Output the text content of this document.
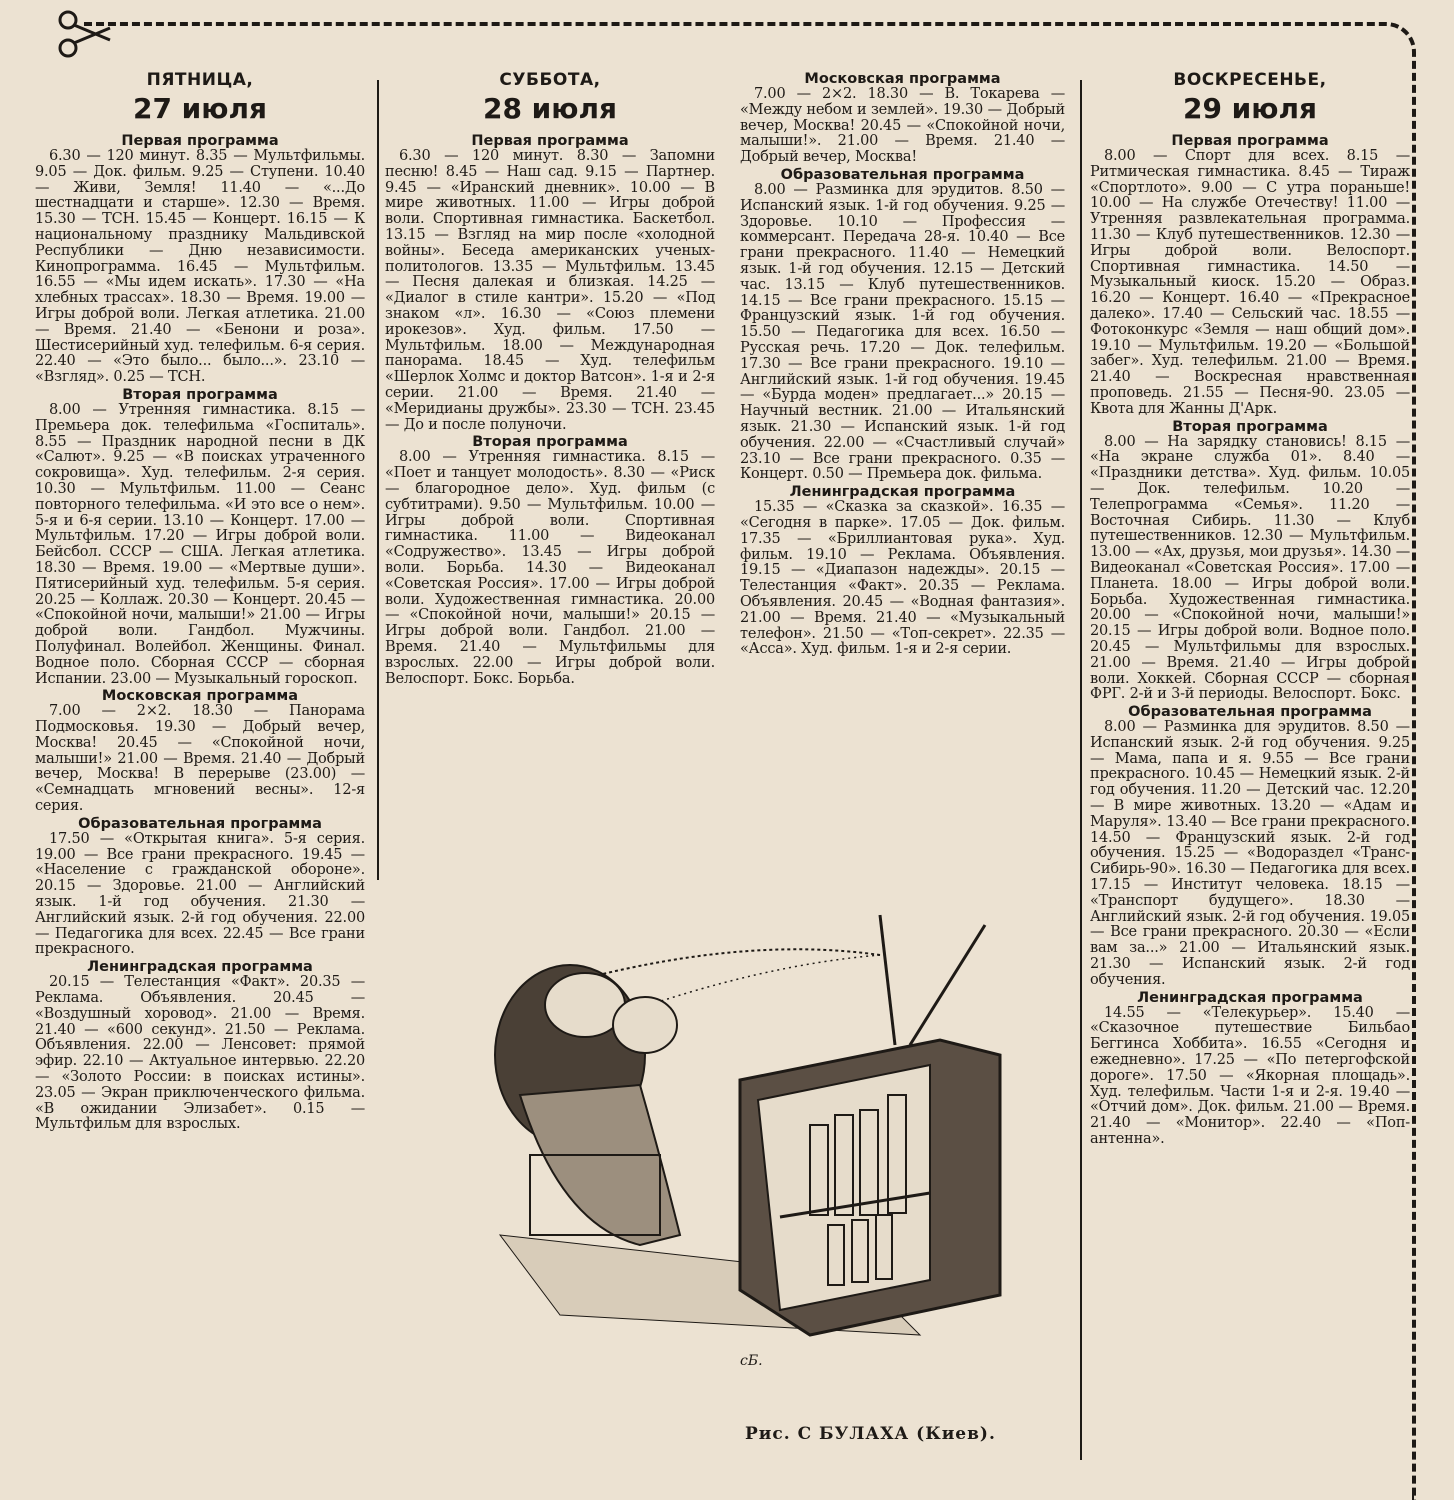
ПЯТНИЦА,
27 июля
Первая программа

6.30 — 120 минут. 8.35 — Мультфильмы. 9.05 — Док. фильм. 9.25 — Ступени. 10.40 — Живи, Земля! 11.40 — «...До шестнадцати и старше». 12.30 — Время. 15.30 — ТСН. 15.45 — Концерт. 16.15 — К национальному празднику Мальдивской Республики — Дню независимости. Кинопрограмма. 16.45 — Мультфильм. 16.55 — «Мы идем искать». 17.30 — «На хлебных трассах». 18.30 — Время. 19.00 — Игры доброй воли. Легкая атлетика. 21.00 — Время. 21.40 — «Бенони и роза». Шестисерийный худ. телефильм. 6-я серия. 22.40 — «Это было... было...». 23.10 — «Взгляд». 0.25 — ТСН.

Вторая программа

8.00 — Утренняя гимнастика. 8.15 — Премьера док. телефильма «Госпиталь». 8.55 — Праздник народной песни в ДК «Салют». 9.25 — «В поисках утраченного сокровища». Худ. телефильм. 2-я серия. 10.30 — Мультфильм. 11.00 — Сеанс повторного телефильма. «И это все о нем». 5-я и 6-я серии. 13.10 — Концерт. 17.00 — Мультфильм. 17.20 — Игры доброй воли. Бейсбол. СССР — США. Легкая атлетика. 18.30 — Время. 19.00 — «Мертвые души». Пятисерийный худ. телефильм. 5-я серия. 20.25 — Коллаж. 20.30 — Концерт. 20.45 — «Спокойной ночи, малыши!» 21.00 — Игры доброй воли. Гандбол. Мужчины. Полуфинал. Волейбол. Женщины. Финал. Водное поло. Сборная СССР — сборная Испании. 23.00 — Музыкальный гороскоп.

Московская программа

7.00 — 2×2. 18.30 — Панорама Подмосковья. 19.30 — Добрый вечер, Москва! 20.45 — «Спокойной ночи, малыши!» 21.00 — Время. 21.40 — Добрый вечер, Москва! В перерыве (23.00) — «Семнадцать мгновений весны». 12-я серия.

Образовательная программа

17.50 — «Открытая книга». 5-я серия. 19.00 — Все грани прекрасного. 19.45 — «Население с гражданской обороне». 20.15 — Здоровье. 21.00 — Английский язык. 1-й год обучения. 21.30 — Английский язык. 2-й год обучения. 22.00 — Педагогика для всех. 22.45 — Все грани прекрасного.

Ленинградская программа

20.15 — Телестанция «Факт». 20.35 — Реклама. Объявления. 20.45 — «Воздушный хоровод». 21.00 — Время. 21.40 — «600 секунд». 21.50 — Реклама. Объявления. 22.00 — Ленсовет: прямой эфир. 22.10 — Актуальное интервью. 22.20 — «Золото России: в поисках истины». 23.05 — Экран приключенческого фильма. «В ожидании Элизабет». 0.15 — Мультфильм для взрослых.

СУББОТА,
28 июля
Первая программа

6.30 — 120 минут. 8.30 — Запомни песню! 8.45 — Наш сад. 9.15 — Партнер. 9.45 — «Иранский дневник». 10.00 — В мире животных. 11.00 — Игры доброй воли. Спортивная гимнастика. Баскетбол. 13.15 — Взгляд на мир после «холодной войны». Беседа американских ученых-политологов. 13.35 — Мультфильм. 13.45 — Песня далекая и близкая. 14.25 — «Диалог в стиле кантри». 15.20 — «Под знаком «л». 16.30 — «Союз племени ирокезов». Худ. фильм. 17.50 — Мультфильм. 18.00 — Международная панорама. 18.45 — Худ. телефильм «Шерлок Холмс и доктор Ватсон». 1-я и 2-я серии. 21.00 — Время. 21.40 — «Меридианы дружбы». 23.30 — ТСН. 23.45 — До и после полуночи.

Вторая программа

8.00 — Утренняя гимнастика. 8.15 — «Поет и танцует молодость». 8.30 — «Риск — благородное дело». Худ. фильм (с субтитрами). 9.50 — Мультфильм. 10.00 — Игры доброй воли. Спортивная гимнастика. 11.00 — Видеоканал «Содружество». 13.45 — Игры доброй воли. Борьба. 14.30 — Видеоканал «Советская Россия». 17.00 — Игры доброй воли. Художественная гимнастика. 20.00 — «Спокойной ночи, малыши!» 20.15 — Игры доброй воли. Гандбол. 21.00 — Время. 21.40 — Мультфильмы для взрослых. 22.00 — Игры доброй воли. Велоспорт. Бокс. Борьба.

Московская программа

7.00 — 2×2. 18.30 — В. Токарева — «Между небом и землей». 19.30 — Добрый вечер, Москва! 20.45 — «Спокойной ночи, малыши!». 21.00 — Время. 21.40 — Добрый вечер, Москва!

Образовательная программа

8.00 — Разминка для эрудитов. 8.50 — Испанский язык. 1-й год обучения. 9.25 — Здоровье. 10.10 — Профессия — коммерсант. Передача 28-я. 10.40 — Все грани прекрасного. 11.40 — Немецкий язык. 1-й год обучения. 12.15 — Детский час. 13.15 — Клуб путешественников. 14.15 — Все грани прекрасного. 15.15 — Французский язык. 1-й год обучения. 15.50 — Педагогика для всех. 16.50 — Русская речь. 17.20 — Док. телефильм. 17.30 — Все грани прекрасного. 19.10 — Английский язык. 1-й год обучения. 19.45 — «Бурда моден» предлагает...» 20.15 — Научный вестник. 21.00 — Итальянский язык. 21.30 — Испанский язык. 1-й год обучения. 22.00 — «Счастливый случай» 23.10 — Все грани прекрасного. 0.35 — Концерт. 0.50 — Премьера док. фильма.

Ленинградская программа

15.35 — «Сказка за сказкой». 16.35 — «Сегодня в парке». 17.05 — Док. фильм. 17.35 — «Бриллиантовая рука». Худ. фильм. 19.10 — Реклама. Объявления. 19.15 — «Диапазон надежды». 20.15 — Телестанция «Факт». 20.35 — Реклама. Объявления. 20.45 — «Водная фантазия». 21.00 — Время. 21.40 — «Музыкальный телефон». 21.50 — «Топ-секрет». 22.35 — «Асса». Худ. фильм. 1-я и 2-я серии.

ВОСКРЕСЕНЬЕ,
29 июля
Первая программа

8.00 — Спорт для всех. 8.15 — Ритмическая гимнастика. 8.45 — Тираж «Спортлото». 9.00 — С утра пораньше! 10.00 — На службе Отечеству! 11.00 — Утренняя развлекательная программа. 11.30 — Клуб путешественников. 12.30 — Игры доброй воли. Велоспорт. Спортивная гимнастика. 14.50 — Музыкальный киоск. 15.20 — Образ. 16.20 — Концерт. 16.40 — «Прекрасное далеко». 17.40 — Сельский час. 18.55 — Фотоконкурс «Земля — наш общий дом». 19.10 — Мультфильм. 19.20 — «Большой забег». Худ. телефильм. 21.00 — Время. 21.40 — Воскресная нравственная проповедь. 21.55 — Песня-90. 23.05 — Квота для Жанны Д'Арк.

Вторая программа

8.00 — На зарядку становись! 8.15 — «На экране служба 01». 8.40 — «Праздники детства». Худ. фильм. 10.05 — Док. телефильм. 10.20 — Телепрограмма «Семья». 11.20 — Восточная Сибирь. 11.30 — Клуб путешественников. 12.30 — Мультфильм. 13.00 — «Ах, друзья, мои друзья». 14.30 — Видеоканал «Советская Россия». 17.00 — Планета. 18.00 — Игры доброй воли. Борьба. Художественная гимнастика. 20.00 — «Спокойной ночи, малыши!» 20.15 — Игры доброй воли. Водное поло. 20.45 — Мультфильмы для взрослых. 21.00 — Время. 21.40 — Игры доброй воли. Хоккей. Сборная СССР — сборная ФРГ. 2-й и 3-й периоды. Велоспорт. Бокс.

Образовательная программа

8.00 — Разминка для эрудитов. 8.50 — Испанский язык. 2-й год обучения. 9.25 — Мама, папа и я. 9.55 — Все грани прекрасного. 10.45 — Немецкий язык. 2-й год обучения. 11.20 — Детский час. 12.20 — В мире животных. 13.20 — «Адам и Маруля». 13.40 — Все грани прекрасного. 14.50 — Французский язык. 2-й год обучения. 15.25 — «Водораздел «Транс-Сибирь-90». 16.30 — Педагогика для всех. 17.15 — Институт человека. 18.15 — «Транспорт будущего». 18.30 — Английский язык. 2-й год обучения. 19.05 — Все грани прекрасного. 20.30 — «Если вам за...» 21.00 — Итальянский язык. 21.30 — Испанский язык. 2-й год обучения.

Ленинградская программа

14.55 — «Телекурьер». 15.40 — «Сказочное путешествие Бильбао Беггинса Хоббита». 16.55 «Сегодня и ежедневно». 17.25 — «По петергофской дороге». 17.50 — «Якорная площадь». Худ. телефильм. Части 1-я и 2-я. 19.40 — «Отчий дом». Док. фильм. 21.00 — Время. 21.40 — «Монитор». 22.40 — «Поп-антенна».

сБ.
Рис. С БУЛАХА (Киев).
